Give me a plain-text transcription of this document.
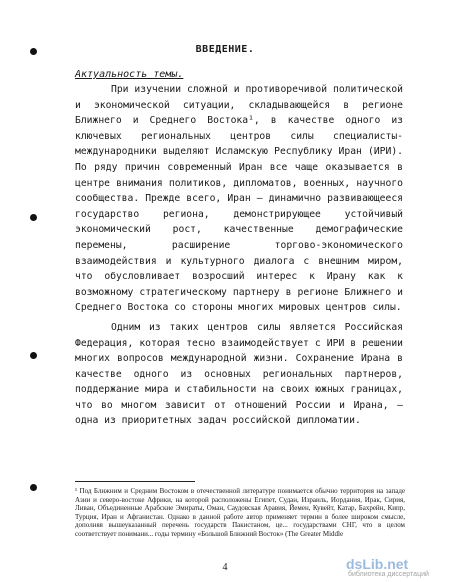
ВВЕДЕНИЕ.
Актуальность темы.

При изучении сложной и противоречивой политической и экономической ситуации, складывающейся в регионе Ближнего и Среднего Востока¹, в качестве одного из ключевых региональных центров силы специалисты-международники выделяют Исламскую Республику Иран (ИРИ). По ряду причин современный Иран все чаще оказывается в центре внимания политиков, дипломатов, военных, научного сообщества. Прежде всего, Иран – динамично развивающееся государство региона, демонстрирующее устойчивый экономический рост, качественные демографические перемены, расширение торгово-экономического взаимодействия и культурного диалога с внешним миром, что обусловливает возросший интерес к Ирану как к возможному стратегическому партнеру в регионе Ближнего и Среднего Востока со стороны многих мировых центров силы.

Одним из таких центров силы является Российская Федерация, которая тесно взаимодействует с ИРИ в решении многих вопросов международной жизни. Сохранение Ирана в качестве одного из основных региональных партнеров, поддержание мира и стабильности на своих южных границах, что во многом зависит от отношений России и Ирана, – одна из приоритетных задач российской дипломатии.

¹ Под Ближним и Средним Востоком в отечественной литературе понимается обычно территория на западе Азии и северо-востоке Африки, на которой расположены Египет, Судан, Израиль, Иордания, Ирак, Сирия, Ливан, Объединенные Арабские Эмираты, Оман, Саудовская Аравия, Йемен, Кувейт, Катар, Бахрейн, Кипр, Турция, Иран и Афганистан. Однако в данной работе автор применяет термин в более широком смысле, дополняя вышеуказанный перечень государств Пакистаном, це... государствами СНГ, что в целом соответствует понимани... годы термину «Большой Ближний Восток» (The Greater Middle
4	dsLib.net
библиотека диссертаций
